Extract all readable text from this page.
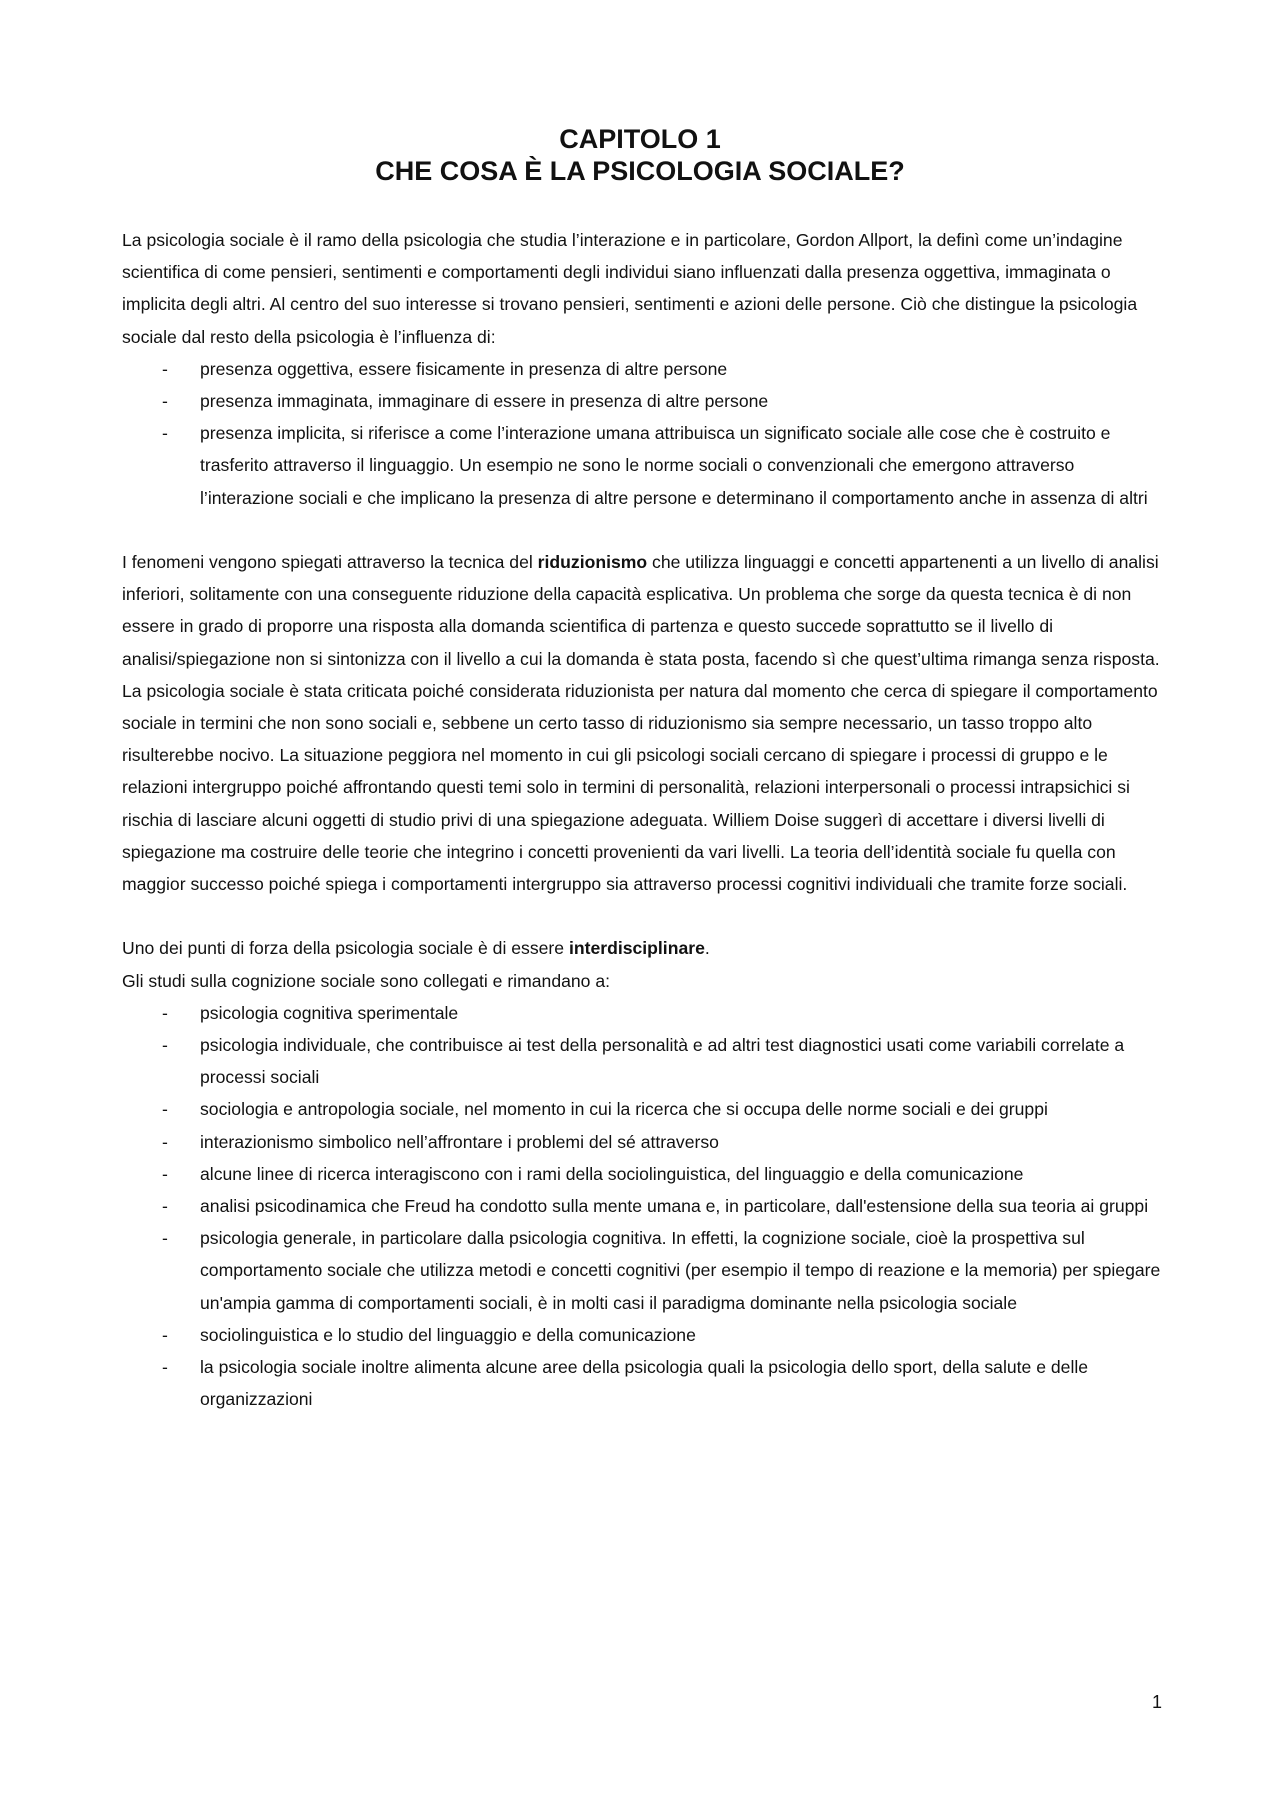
CAPITOLO 1
CHE COSA È LA PSICOLOGIA SOCIALE?

La psicologia sociale è il ramo della psicologia che studia l’interazione e in particolare, Gordon Allport, la definì come un’indagine scientifica di come pensieri, sentimenti e comportamenti degli individui siano influenzati dalla presenza oggettiva, immaginata o implicita degli altri. Al centro del suo interesse si trovano pensieri, sentimenti e azioni delle persone. Ciò che distingue la psicologia sociale dal resto della psicologia è l’influenza di:

- presenza oggettiva, essere fisicamente in presenza di altre persone
- presenza immaginata, immaginare di essere in presenza di altre persone
- presenza implicita, si riferisce a come l’interazione umana attribuisca un significato sociale alle cose che è costruito e trasferito attraverso il linguaggio. Un esempio ne sono le norme sociali o convenzionali che emergono attraverso l’interazione sociali e che implicano la presenza di altre persone e determinano il comportamento anche in assenza di altri

I fenomeni vengono spiegati attraverso la tecnica del riduzionismo che utilizza linguaggi e concetti appartenenti a un livello di analisi inferiori, solitamente con una conseguente riduzione della capacità esplicativa. Un problema che sorge da questa tecnica è di non essere in grado di proporre una risposta alla domanda scientifica di partenza e questo succede soprattutto se il livello di analisi/spiegazione non si sintonizza con il livello a cui la domanda è stata posta, facendo sì che quest’ultima rimanga senza risposta. La psicologia sociale è stata criticata poiché considerata riduzionista per natura dal momento che cerca di spiegare il comportamento sociale in termini che non sono sociali e, sebbene un certo tasso di riduzionismo sia sempre necessario, un tasso troppo alto risulterebbe nocivo. La situazione peggiora nel momento in cui gli psicologi sociali cercano di spiegare i processi di gruppo e le relazioni intergruppo poiché affrontando questi temi solo in termini di personalità, relazioni interpersonali o processi intrapsichici si rischia di lasciare alcuni oggetti di studio privi di una spiegazione adeguata. Williem Doise suggerì di accettare i diversi livelli di spiegazione ma costruire delle teorie che integrino i concetti provenienti da vari livelli. La teoria dell’identità sociale fu quella con maggior successo poiché spiega i comportamenti intergruppo sia attraverso processi cognitivi individuali che tramite forze sociali.

Uno dei punti di forza della psicologia sociale è di essere interdisciplinare.

Gli studi sulla cognizione sociale sono collegati e rimandano a:

- psicologia cognitiva sperimentale
- psicologia individuale, che contribuisce ai test della personalità e ad altri test diagnostici usati come variabili correlate a processi sociali
- sociologia e antropologia sociale, nel momento in cui la ricerca che si occupa delle norme sociali e dei gruppi
- interazionismo simbolico nell’affrontare i problemi del sé attraverso
- alcune linee di ricerca interagiscono con i rami della sociolinguistica, del linguaggio e della comunicazione
- analisi psicodinamica che Freud ha condotto sulla mente umana e, in particolare, dall'estensione della sua teoria ai gruppi
- psicologia generale, in particolare dalla psicologia cognitiva. In effetti, la cognizione sociale, cioè la prospettiva sul comportamento sociale che utilizza metodi e concetti cognitivi (per esempio il tempo di reazione e la memoria) per spiegare un'ampia gamma di comportamenti sociali, è in molti casi il paradigma dominante nella psicologia sociale
- sociolinguistica e lo studio del linguaggio e della comunicazione
- la psicologia sociale inoltre alimenta alcune aree della psicologia quali la psicologia dello sport, della salute e delle organizzazioni
1
